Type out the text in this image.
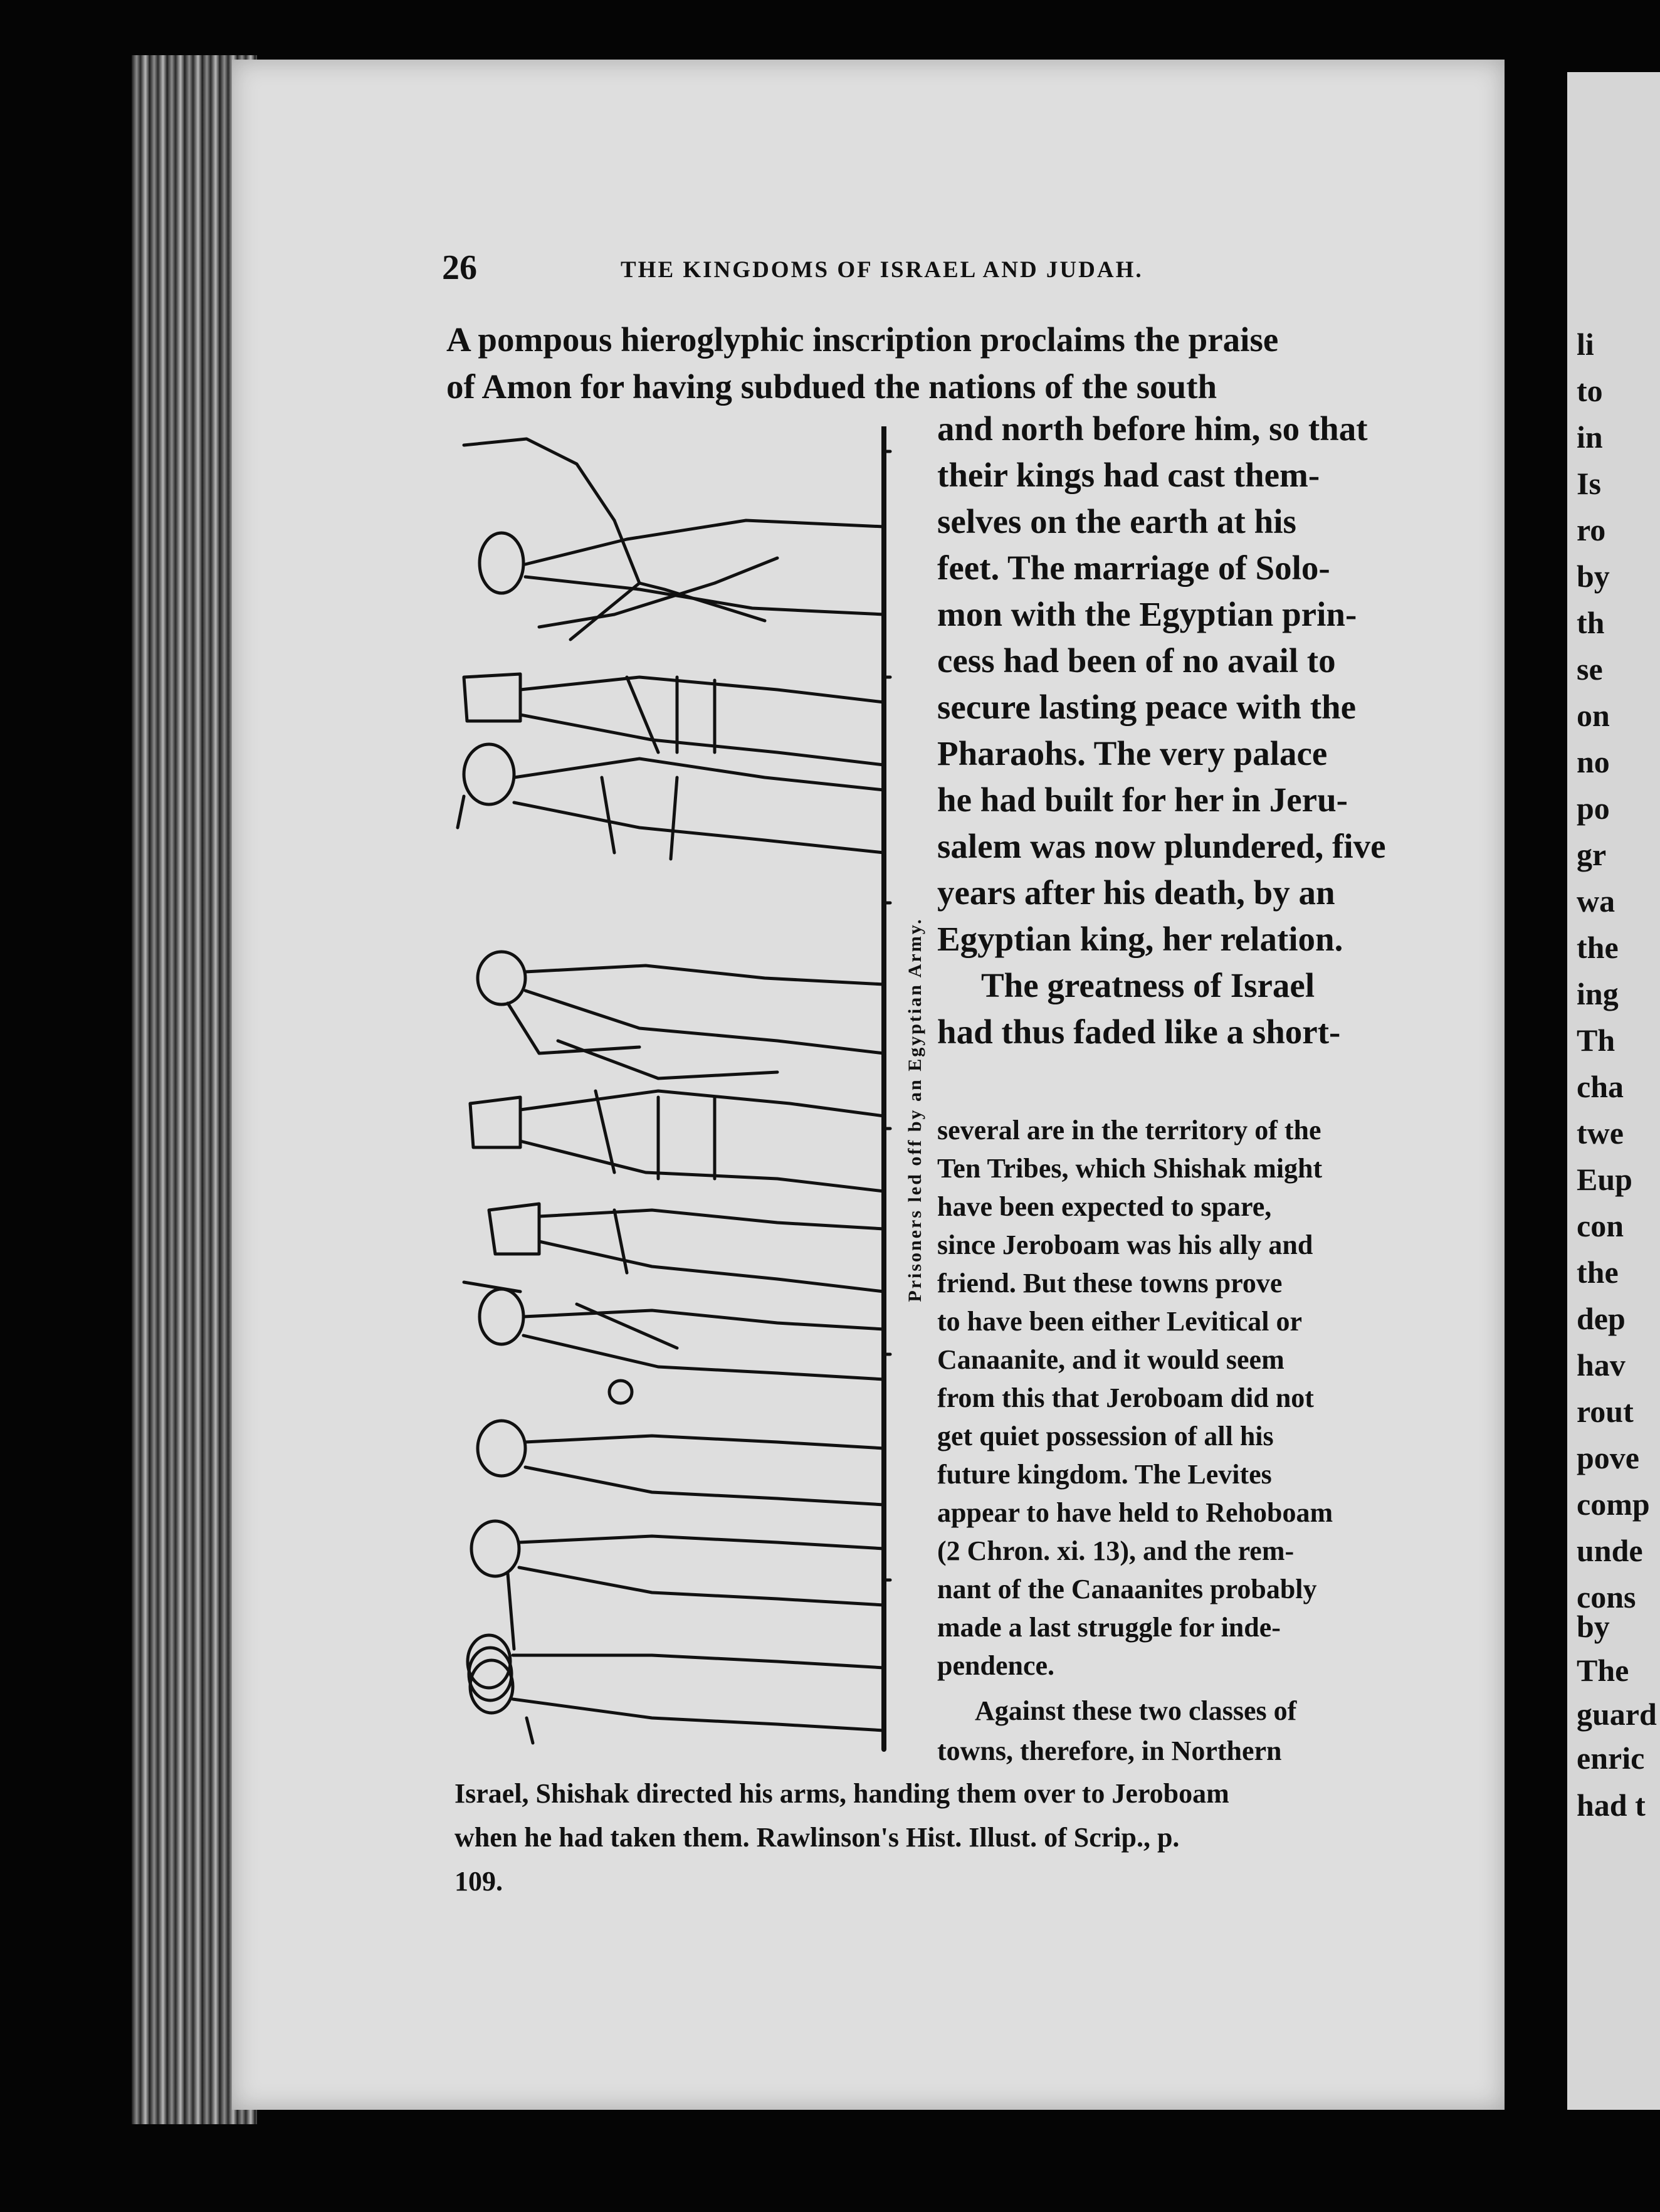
li
to
in
Is
ro
by
th
se
on
no
po
gr
wa
the
ing
Th
cha
twe
Eup
con
the
dep
hav
rout
pove
comp
unde
cons
by
The
guard
enric
had t
26	THE KINGDOMS OF ISRAEL AND JUDAH.
A pompous hieroglyphic inscription proclaims the praise
of Amon for having subdued the nations of the south
and north before him, so that
their kings had cast them-
selves on the earth at his
feet. The marriage of Solo-
mon with the Egyptian prin-
cess had been of no avail to
secure lasting peace with the
Pharaohs. The very palace
he had built for her in Jeru-
salem was now plundered, five
years after his death, by an
Egyptian king, her relation.
The greatness of Israel
had thus faded like a short-
several are in the territory of the
Ten Tribes, which Shishak might
have been expected to spare,
since Jeroboam was his ally and
friend. But these towns prove
to have been either Levitical or
Canaanite, and it would seem
from this that Jeroboam did not
get quiet possession of all his
future kingdom. The Levites
appear to have held to Rehoboam
(2 Chron. xi. 13), and the rem-
nant of the Canaanites probably
made a last struggle for inde-
pendence.
Against these two classes of
towns, therefore, in Northern
Israel, Shishak directed his arms, handing them over to Jeroboam
when he had taken them. Rawlinson's Hist. Illust. of Scrip., p.
109.
Prisoners led off by an Egyptian Army.
